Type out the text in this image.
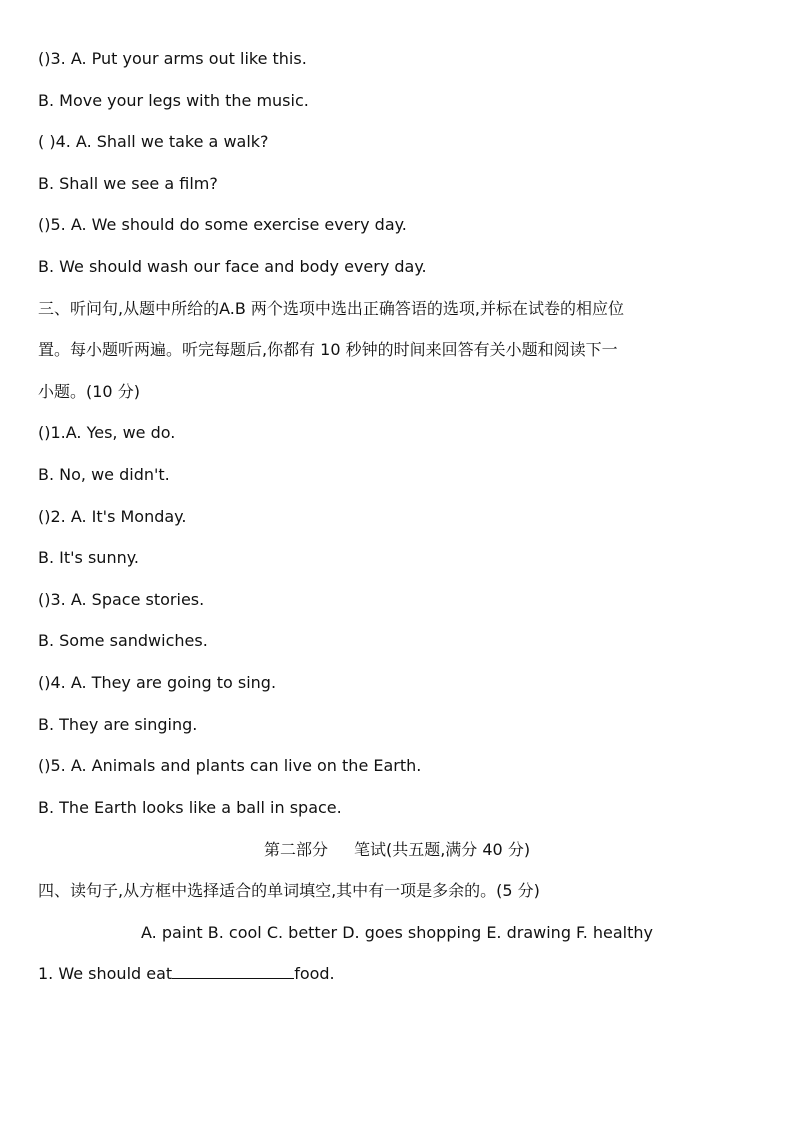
()3. A. Put your arms out like this.
B. Move your legs with the music.
( )4. A. Shall we take a walk?
B. Shall we see a film?
()5. A. We should do some exercise every day.
B. We should wash our face and body every day.
三、听问句,从题中所给的A.B 两个选项中选出正确答语的选项,并标在试卷的相应位
置。每小题听两遍。听完每题后,你都有 10 秒钟的时间来回答有关小题和阅读下一
小题。(10 分)
()1.A. Yes, we do.
B. No, we didn't.
()2. A. It's Monday.
B. It's sunny.
()3. A. Space stories.
B. Some sandwiches.
()4. A. They are going to sing.
B. They are singing.
()5. A. Animals and plants can live on the Earth.
B. The Earth looks like a ball in space.
第二部分 笔试(共五题,满分 40 分)
四、读句子,从方框中选择适合的单词填空,其中有一项是多余的。(5 分)
A. paint B. cool C. better D. goes shopping E. drawing F. healthy
1. We should eat	food.
